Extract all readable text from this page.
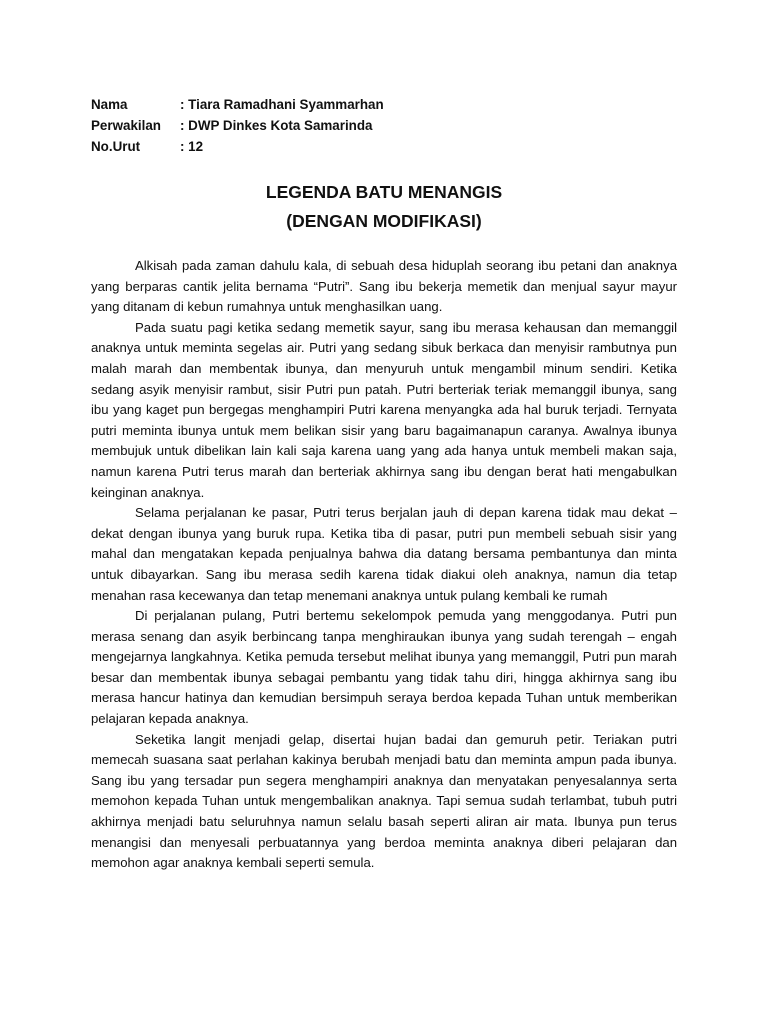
Nama	: Tiara Ramadhani Syammarhan
Perwakilan	: DWP Dinkes Kota Samarinda
No.Urut	: 12
LEGENDA BATU MENANGIS
(DENGAN MODIFIKASI)

Alkisah pada zaman dahulu kala, di sebuah desa hiduplah seorang ibu petani dan anaknya yang berparas cantik jelita bernama “Putri”. Sang ibu bekerja memetik dan menjual sayur mayur yang ditanam di kebun rumahnya untuk menghasilkan uang.

Pada suatu pagi ketika sedang memetik sayur, sang ibu merasa kehausan dan memanggil anaknya untuk meminta segelas air. Putri yang sedang sibuk berkaca dan menyisir rambutnya pun malah marah dan membentak ibunya, dan menyuruh untuk mengambil minum sendiri. Ketika sedang asyik menyisir rambut, sisir Putri pun patah. Putri berteriak teriak memanggil ibunya, sang ibu yang kaget pun bergegas menghampiri Putri karena menyangka ada hal buruk terjadi. Ternyata putri meminta ibunya untuk mem belikan sisir yang baru bagaimanapun caranya. Awalnya ibunya membujuk untuk dibelikan lain kali saja karena uang yang ada hanya untuk membeli makan saja, namun karena Putri terus marah dan berteriak akhirnya sang ibu dengan berat hati mengabulkan keinginan anaknya.

Selama perjalanan ke pasar, Putri terus berjalan jauh di depan karena tidak mau dekat – dekat dengan ibunya yang buruk rupa. Ketika tiba di pasar, putri pun membeli sebuah sisir yang mahal dan mengatakan kepada penjualnya bahwa dia datang bersama pembantunya dan minta untuk dibayarkan. Sang ibu merasa sedih karena tidak diakui oleh anaknya, namun dia tetap menahan rasa kecewanya dan tetap menemani anaknya untuk pulang kembali ke rumah

Di perjalanan pulang, Putri bertemu sekelompok pemuda yang menggodanya. Putri pun merasa senang dan asyik berbincang tanpa menghiraukan ibunya yang sudah terengah – engah mengejarnya langkahnya. Ketika pemuda tersebut melihat ibunya yang memanggil, Putri pun marah besar dan membentak ibunya sebagai pembantu yang tidak tahu diri, hingga akhirnya sang ibu merasa hancur hatinya dan kemudian bersimpuh seraya berdoa kepada Tuhan untuk memberikan pelajaran kepada anaknya.

Seketika langit menjadi gelap, disertai hujan badai dan gemuruh petir. Teriakan putri memecah suasana saat perlahan kakinya berubah menjadi batu dan meminta ampun pada ibunya. Sang ibu yang tersadar pun segera menghampiri anaknya dan menyatakan penyesalannya serta memohon kepada Tuhan untuk mengembalikan anaknya. Tapi semua sudah terlambat, tubuh putri akhirnya menjadi batu seluruhnya namun selalu basah seperti aliran air mata. Ibunya pun terus menangisi dan menyesali perbuatannya yang berdoa meminta anaknya diberi pelajaran dan memohon agar anaknya kembali seperti semula.
